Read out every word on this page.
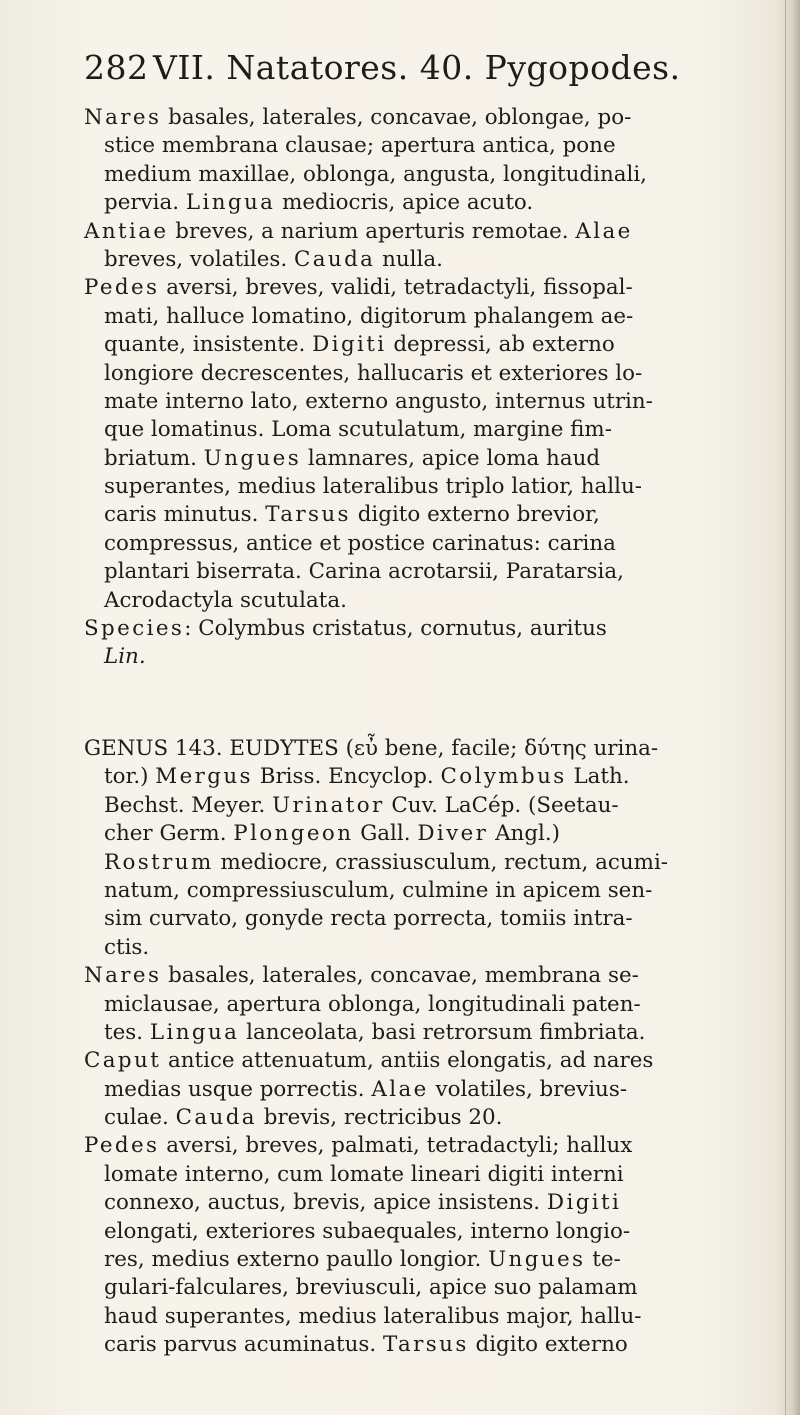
282 VII. Natatores. 40. Pygopodes.
Nares basales, laterales, concavae, oblongae, po-
stice membrana clausae; apertura antica, pone
medium maxillae, oblonga, angusta, longitudinali,
pervia. Lingua mediocris, apice acuto.
Antiae breves, a narium aperturis remotae. Alae
breves, volatiles. Cauda nulla.
Pedes aversi, breves, validi, tetradactyli, fissopal-
mati, halluce lomatino, digitorum phalangem ae-
quante, insistente. Digiti depressi, ab externo
longiore decrescentes, hallucaris et exteriores lo-
mate interno lato, externo angusto, internus utrin-
que lomatinus. Loma scutulatum, margine fim-
briatum. Ungues lamnares, apice loma haud
superantes, medius lateralibus triplo latior, hallu-
caris minutus. Tarsus digito externo brevior,
compressus, antice et postice carinatus: carina
plantari biserrata. Carina acrotarsii, Paratarsia,
Acrodactyla scutulata.
Species: Colymbus cristatus, cornutus, auritus
Lin.
GENUS 143. EUDYTES (εὖ bene, facile; δύτης urina-
tor.) Mergus Briss. Encyclop. Colymbus Lath.
Bechst. Meyer. Urinator Cuv. LaCép. (Seetau-
cher Germ. Plongeon Gall. Diver Angl.)
Rostrum mediocre, crassiusculum, rectum, acumi-
natum, compressiusculum, culmine in apicem sen-
sim curvato, gonyde recta porrecta, tomiis intra-
ctis.
Nares basales, laterales, concavae, membrana se-
miclausae, apertura oblonga, longitudinali paten-
tes. Lingua lanceolata, basi retrorsum fimbriata.
Caput antice attenuatum, antiis elongatis, ad nares
medias usque porrectis. Alae volatiles, brevius-
culae. Cauda brevis, rectricibus 20.
Pedes aversi, breves, palmati, tetradactyli; hallux
lomate interno, cum lomate lineari digiti interni
connexo, auctus, brevis, apice insistens. Digiti
elongati, exteriores subaequales, interno longio-
res, medius externo paullo longior. Ungues te-
gulari-falculares, breviusculi, apice suo palamam
haud superantes, medius lateralibus major, hallu-
caris parvus acuminatus. Tarsus digito externo
